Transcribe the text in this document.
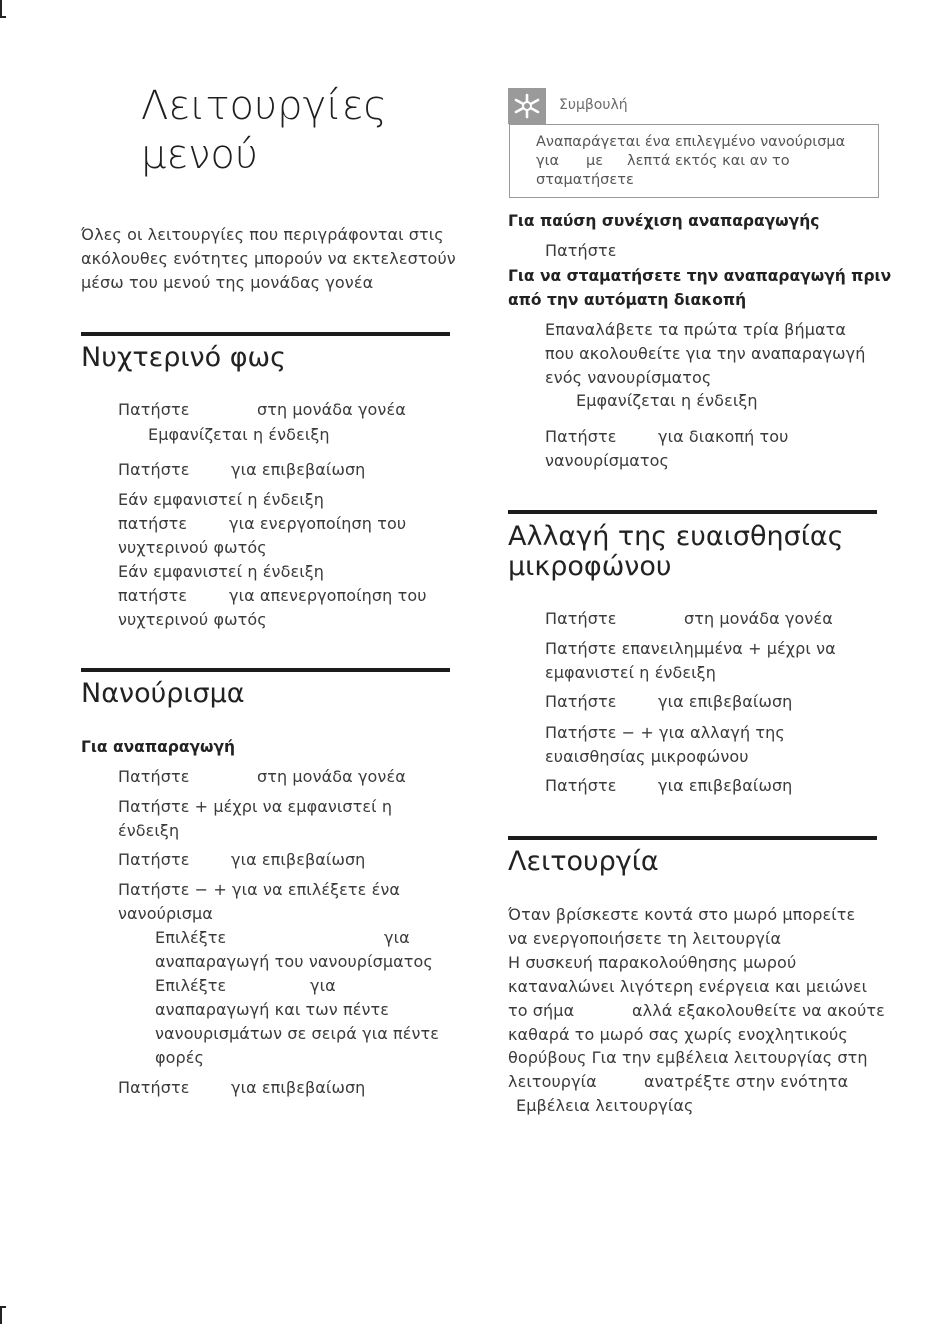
Λειτουργίες
μενού
Όλες οι λειτουργίες που περιγράφονται στις
ακόλουθες ενότητες μπορούν να εκτελεστούν
μέσω του μενού της μονάδας γονέα
Νυχτερινό φως
Πατήστε	στη μονάδα γονέα
Εμφανίζεται η ένδειξη
Πατήστε	για επιβεβαίωση
Εάν εμφανιστεί η ένδειξη
πατήστε	για ενεργοποίηση του
νυχτερινού φωτός
Εάν εμφανιστεί η ένδειξη
πατήστε	για απενεργοποίηση του
νυχτερινού φωτός
Νανούρισμα
Για αναπαραγωγή
Πατήστε	στη μονάδα γονέα
Πατήστε + μέχρι να εμφανιστεί η
ένδειξη
Πατήστε	για επιβεβαίωση
Πατήστε − + για να επιλέξετε ένα
νανούρισμα
Επιλέξτε	για
αναπαραγωγή του νανουρίσματος
Επιλέξτε	για
αναπαραγωγή και των πέντε
νανουρισμάτων σε σειρά για πέντε
φορές
Πατήστε	για επιβεβαίωση
Συμβουλή
Αναπαράγεται ένα επιλεγμένο νανούρισμα
για με λεπτά εκτός και αν το
σταματήσετε
Για παύση συνέχιση αναπαραγωγής
Πατήστε
Για να σταματήσετε την αναπαραγωγή πριν
από την αυτόματη διακοπή
Επαναλάβετε τα πρώτα τρία βήματα
που ακολουθείτε για την αναπαραγωγή
ενός νανουρίσματος
Εμφανίζεται η ένδειξη
Πατήστε	για διακοπή του
νανουρίσματος
Αλλαγή της ευαισθησίας
μικροφώνου
Πατήστε	στη μονάδα γονέα
Πατήστε επανειλημμένα + μέχρι να
εμφανιστεί η ένδειξη
Πατήστε	για επιβεβαίωση
Πατήστε − + για αλλαγή της
ευαισθησίας μικροφώνου
Πατήστε	για επιβεβαίωση
Λειτουργία
Όταν βρίσκεστε κοντά στο μωρό μπορείτε
να ενεργοποιήσετε τη λειτουργία
Η συσκευή παρακολούθησης μωρού
καταναλώνει λιγότερη ενέργεια και μειώνει
το σήμα	αλλά εξακολουθείτε να ακούτε
καθαρά το μωρό σας χωρίς ενοχλητικούς
θορύβους Για την εμβέλεια λειτουργίας στη
λειτουργία	ανατρέξτε στην ενότητα
Εμβέλεια λειτουργίας
